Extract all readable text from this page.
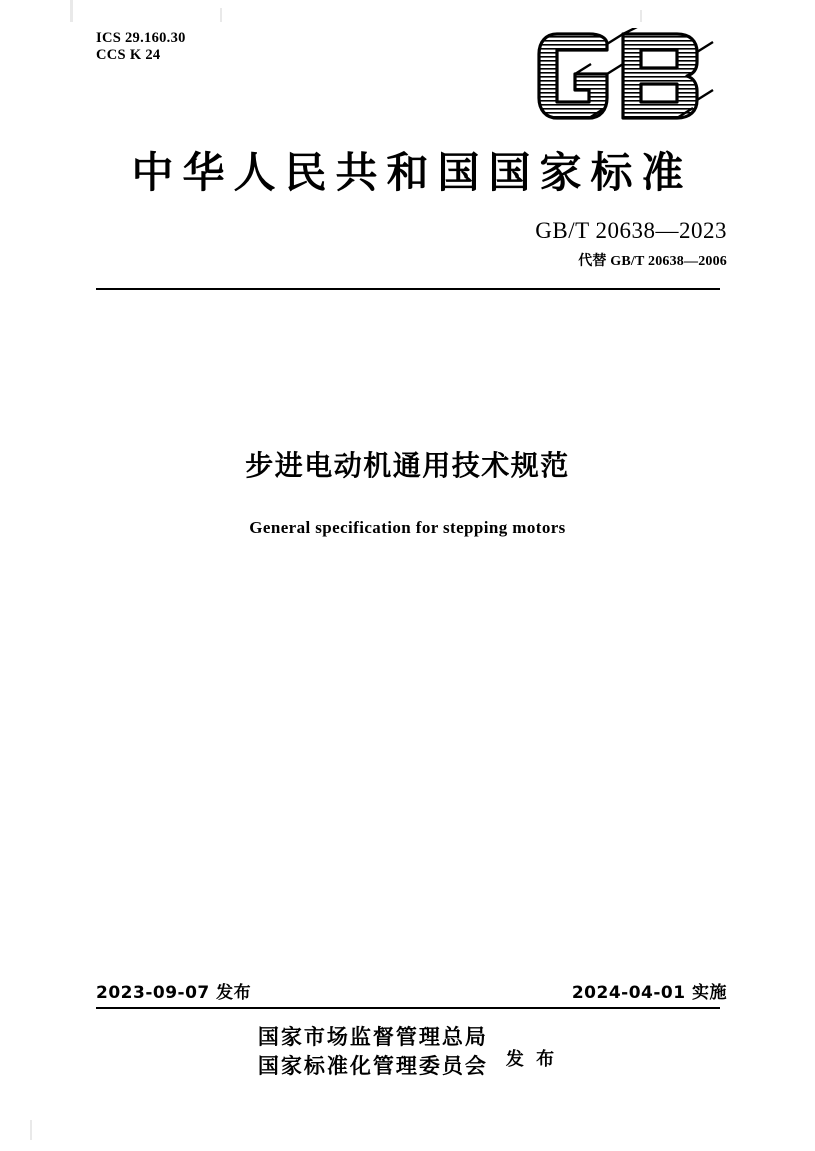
ICS 29.160.30
CCS K 24
中华人民共和国国家标准
GB/T 20638—2023
代替 GB/T 20638—2006
步进电动机通用技术规范
General specification for stepping motors
2023-09-07 发布	2024-04-01 实施
国家市场监督管理总局
国家标准化管理委员会 发 布
